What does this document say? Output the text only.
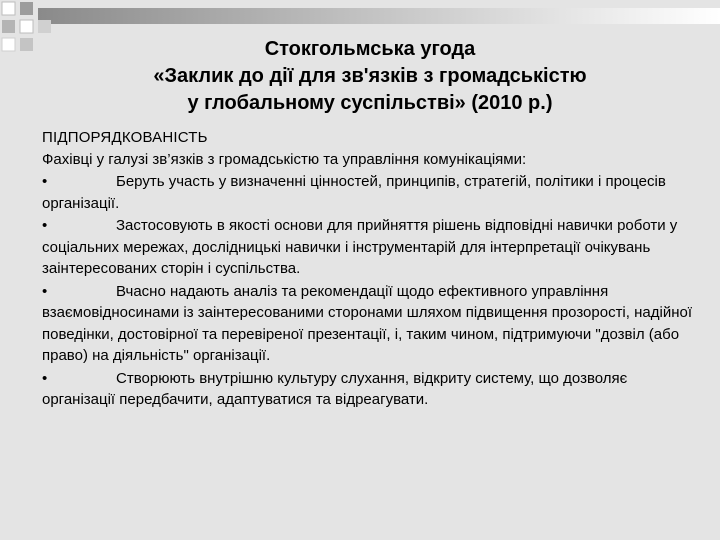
Стокгольмська угода
«Заклик до дії для зв'язків з громадськістю
у глобальному суспільстві» (2010 р.)
ПІДПОРЯДКОВАНІСТЬ
Фахівці у галузі зв’язків з громадськістю та управління комунікаціями:
•	Беруть участь у визначенні цінностей, принципів, стратегій, політики і процесів організації.
•	Застосовують в якості основи для прийняття рішень відповідні навички роботи у соціальних мережах, дослідницькі навички і інструментарій для інтерпретації очікувань заінтересованих сторін і суспільства.
•	Вчасно надають аналіз та рекомендації щодо ефективного управління взаємовідносинами із заінтересованими сторонами шляхом підвищення прозорості, надійної поведінки, достовірної та перевіреної презентації, і, таким чином, підтримуючи "дозвіл (або право) на діяльність" організації.
•	Створюють внутрішню культуру слухання, відкриту систему, що дозволяє організації передбачити, адаптуватися та відреагувати.
